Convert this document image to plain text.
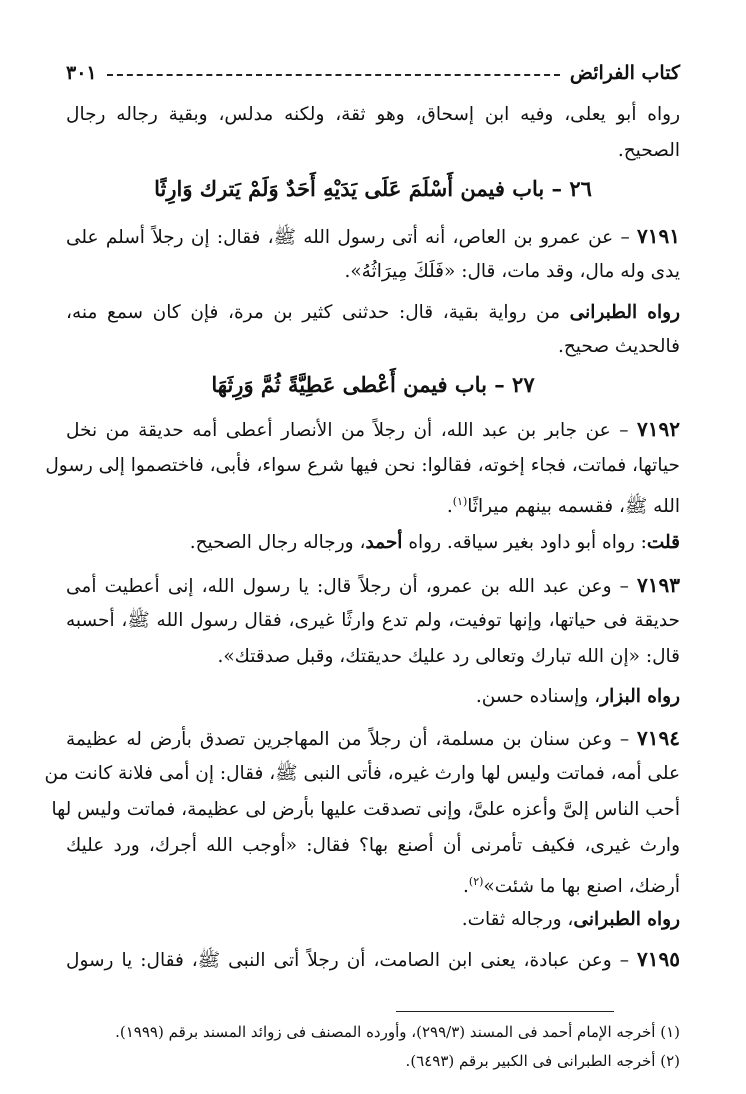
كتاب الفرائض
٣٠١
رواه أبو يعلى، وفيه ابن إسحاق، وهو ثقة، ولكنه مدلس، وبقية رجاله رجال
الصحيح.
٢٦ – باب فيمن أَسْلَمَ عَلَى يَدَيْهِ أَحَدٌ وَلَمْ يَترك وَارِثًا
٧١٩١ – عن عمرو بن العاص، أنه أتى رسول الله ﷺ، فقال: إن رجلاً أسلم على
يدى وله مال، وقد مات، قال: «فَلَكَ مِيرَاثُهُ».
رواه الطبرانى من رواية بقية، قال: حدثنى كثير بن مرة، فإن كان سمع منه،
فالحديث صحيح.
٢٧ – باب فيمن أَعْطى عَطِيَّةً ثُمَّ وَرِثَهَا
٧١٩٢ – عن جابر بن عبد الله، أن رجلاً من الأنصار أعطى أمه حديقة من نخل
حياتها، فماتت، فجاء إخوته، فقالوا: نحن فيها شرع سواء، فأبى، فاختصموا إلى رسول
الله ﷺ، فقسمه بينهم ميراثًا$^{(١)}$.
قلت: رواه أبو داود بغير سياقه. رواه أحمد، ورجاله رجال الصحيح.
٧١٩٣ – وعن عبد الله بن عمرو، أن رجلاً قال: يا رسول الله، إنى أعطيت أمى
حديقة فى حياتها، وإنها توفيت، ولم تدع وارثًا غيرى، فقال رسول الله ﷺ، أحسبه
قال: «إن الله تبارك وتعالى رد عليك حديقتك، وقبل صدقتك».
رواه البزار، وإسناده حسن.
٧١٩٤ – وعن سنان بن مسلمة، أن رجلاً من المهاجرين تصدق بأرض له عظيمة
على أمه، فماتت وليس لها وارث غيره، فأتى النبى ﷺ، فقال: إن أمى فلانة كانت من
أحب الناس إلىَّ وأعزه علىَّ، وإنى تصدقت عليها بأرض لى عظيمة، فماتت وليس لها
وارث غيرى، فكيف تأمرنى أن أصنع بها؟ فقال: «أوجب الله أجرك، ورد عليك
أرضك، اصنع بها ما شئت»$^{(٢)}$.
رواه الطبرانى، ورجاله ثقات.
٧١٩٥ – وعن عبادة، يعنى ابن الصامت، أن رجلاً أتى النبى ﷺ، فقال: يا رسول
(١) أخرجه الإمام أحمد فى المسند (٢٩٩/٣)، وأورده المصنف فى زوائد المسند برقم (١٩٩٩).
(٢) أخرجه الطبرانى فى الكبير برقم (٦٤٩٣).
